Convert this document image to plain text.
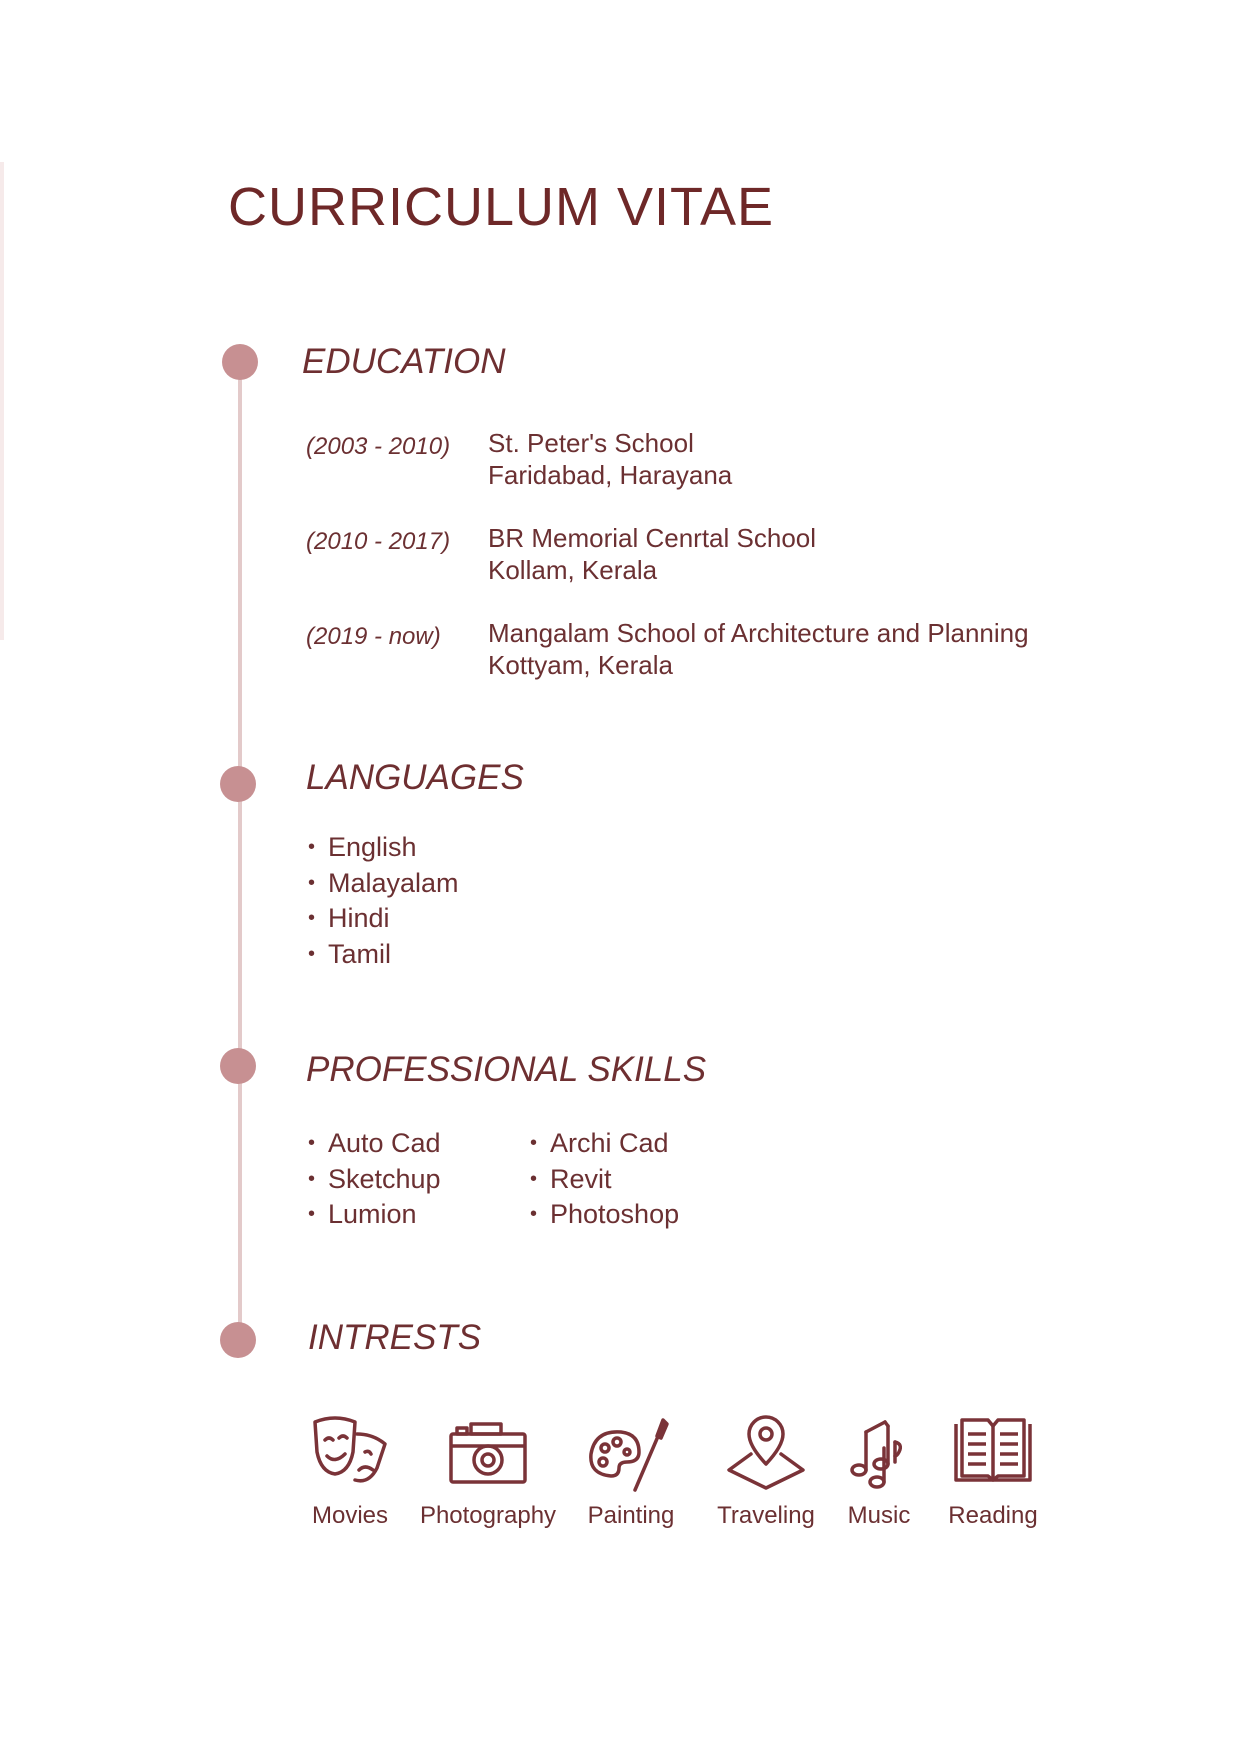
CURRICULUM VITAE
EDUCATION
(2003 - 2010) St. Peter's School
Faridabad, Harayana
(2010 - 2017) BR Memorial Cenrtal School
Kollam, Kerala
(2019 - now) Mangalam School of Architecture and Planning
Kottyam, Kerala
LANGUAGES
• English
• Malayalam
• Hindi
• Tamil
PROFESSIONAL SKILLS
• Auto Cad
• Sketchup
• Lumion
• Archi Cad
• Revit
• Photoshop
INTRESTS
Movies Photography Painting Traveling	Music	Reading
